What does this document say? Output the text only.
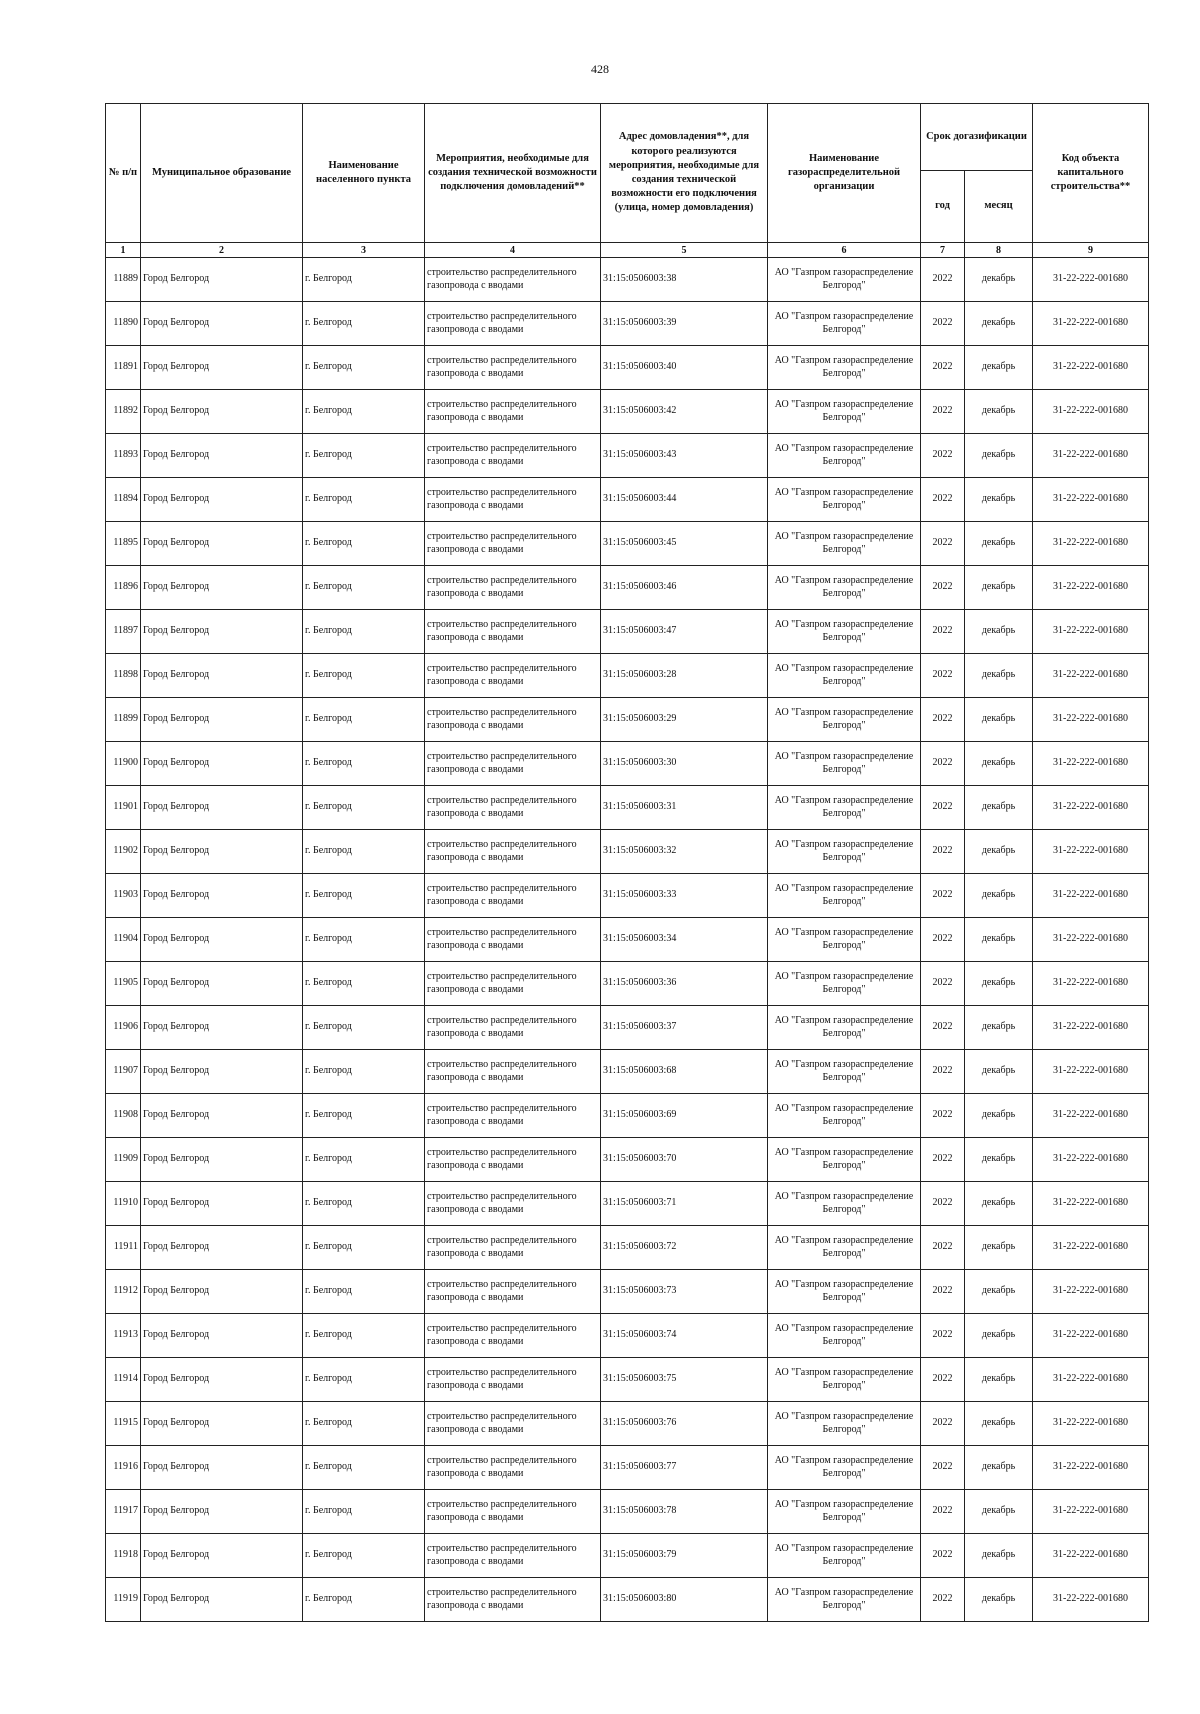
428
№ п/п	Муниципальное образование	Наименование населенного пункта	Мероприятия, необходимые для создания технической возможности подключения домовладений**	Адрес домовладения**, для которого реализуются мероприятия, необходимые для создания технической возможности его подключения (улица, номер домовладения)	Наименование газораспределительной организации	Срок догазификации		Код объекта капитального строительства**
						год	месяц	
1	2	3	4	5	6	7	8	9
11889	Город Белгород	г. Белгород	строительство распределительного газопровода с вводами	31:15:0506003:38	АО "Газпром газораспределение Белгород"	2022	декабрь	31-22-222-001680
11890	Город Белгород	г. Белгород	строительство распределительного газопровода с вводами	31:15:0506003:39	АО "Газпром газораспределение Белгород"	2022	декабрь	31-22-222-001680
11891	Город Белгород	г. Белгород	строительство распределительного газопровода с вводами	31:15:0506003:40	АО "Газпром газораспределение Белгород"	2022	декабрь	31-22-222-001680
11892	Город Белгород	г. Белгород	строительство распределительного газопровода с вводами	31:15:0506003:42	АО "Газпром газораспределение Белгород"	2022	декабрь	31-22-222-001680
11893	Город Белгород	г. Белгород	строительство распределительного газопровода с вводами	31:15:0506003:43	АО "Газпром газораспределение Белгород"	2022	декабрь	31-22-222-001680
11894	Город Белгород	г. Белгород	строительство распределительного газопровода с вводами	31:15:0506003:44	АО "Газпром газораспределение Белгород"	2022	декабрь	31-22-222-001680
11895	Город Белгород	г. Белгород	строительство распределительного газопровода с вводами	31:15:0506003:45	АО "Газпром газораспределение Белгород"	2022	декабрь	31-22-222-001680
11896	Город Белгород	г. Белгород	строительство распределительного газопровода с вводами	31:15:0506003:46	АО "Газпром газораспределение Белгород"	2022	декабрь	31-22-222-001680
11897	Город Белгород	г. Белгород	строительство распределительного газопровода с вводами	31:15:0506003:47	АО "Газпром газораспределение Белгород"	2022	декабрь	31-22-222-001680
11898	Город Белгород	г. Белгород	строительство распределительного газопровода с вводами	31:15:0506003:28	АО "Газпром газораспределение Белгород"	2022	декабрь	31-22-222-001680
11899	Город Белгород	г. Белгород	строительство распределительного газопровода с вводами	31:15:0506003:29	АО "Газпром газораспределение Белгород"	2022	декабрь	31-22-222-001680
11900	Город Белгород	г. Белгород	строительство распределительного газопровода с вводами	31:15:0506003:30	АО "Газпром газораспределение Белгород"	2022	декабрь	31-22-222-001680
11901	Город Белгород	г. Белгород	строительство распределительного газопровода с вводами	31:15:0506003:31	АО "Газпром газораспределение Белгород"	2022	декабрь	31-22-222-001680
11902	Город Белгород	г. Белгород	строительство распределительного газопровода с вводами	31:15:0506003:32	АО "Газпром газораспределение Белгород"	2022	декабрь	31-22-222-001680
11903	Город Белгород	г. Белгород	строительство распределительного газопровода с вводами	31:15:0506003:33	АО "Газпром газораспределение Белгород"	2022	декабрь	31-22-222-001680
11904	Город Белгород	г. Белгород	строительство распределительного газопровода с вводами	31:15:0506003:34	АО "Газпром газораспределение Белгород"	2022	декабрь	31-22-222-001680
11905	Город Белгород	г. Белгород	строительство распределительного газопровода с вводами	31:15:0506003:36	АО "Газпром газораспределение Белгород"	2022	декабрь	31-22-222-001680
11906	Город Белгород	г. Белгород	строительство распределительного газопровода с вводами	31:15:0506003:37	АО "Газпром газораспределение Белгород"	2022	декабрь	31-22-222-001680
11907	Город Белгород	г. Белгород	строительство распределительного газопровода с вводами	31:15:0506003:68	АО "Газпром газораспределение Белгород"	2022	декабрь	31-22-222-001680
11908	Город Белгород	г. Белгород	строительство распределительного газопровода с вводами	31:15:0506003:69	АО "Газпром газораспределение Белгород"	2022	декабрь	31-22-222-001680
11909	Город Белгород	г. Белгород	строительство распределительного газопровода с вводами	31:15:0506003:70	АО "Газпром газораспределение Белгород"	2022	декабрь	31-22-222-001680
11910	Город Белгород	г. Белгород	строительство распределительного газопровода с вводами	31:15:0506003:71	АО "Газпром газораспределение Белгород"	2022	декабрь	31-22-222-001680
11911	Город Белгород	г. Белгород	строительство распределительного газопровода с вводами	31:15:0506003:72	АО "Газпром газораспределение Белгород"	2022	декабрь	31-22-222-001680
11912	Город Белгород	г. Белгород	строительство распределительного газопровода с вводами	31:15:0506003:73	АО "Газпром газораспределение Белгород"	2022	декабрь	31-22-222-001680
11913	Город Белгород	г. Белгород	строительство распределительного газопровода с вводами	31:15:0506003:74	АО "Газпром газораспределение Белгород"	2022	декабрь	31-22-222-001680
11914	Город Белгород	г. Белгород	строительство распределительного газопровода с вводами	31:15:0506003:75	АО "Газпром газораспределение Белгород"	2022	декабрь	31-22-222-001680
11915	Город Белгород	г. Белгород	строительство распределительного газопровода с вводами	31:15:0506003:76	АО "Газпром газораспределение Белгород"	2022	декабрь	31-22-222-001680
11916	Город Белгород	г. Белгород	строительство распределительного газопровода с вводами	31:15:0506003:77	АО "Газпром газораспределение Белгород"	2022	декабрь	31-22-222-001680
11917	Город Белгород	г. Белгород	строительство распределительного газопровода с вводами	31:15:0506003:78	АО "Газпром газораспределение Белгород"	2022	декабрь	31-22-222-001680
11918	Город Белгород	г. Белгород	строительство распределительного газопровода с вводами	31:15:0506003:79	АО "Газпром газораспределение Белгород"	2022	декабрь	31-22-222-001680
11919	Город Белгород	г. Белгород	строительство распределительного газопровода с вводами	31:15:0506003:80	АО "Газпром газораспределение Белгород"	2022	декабрь	31-22-222-001680
